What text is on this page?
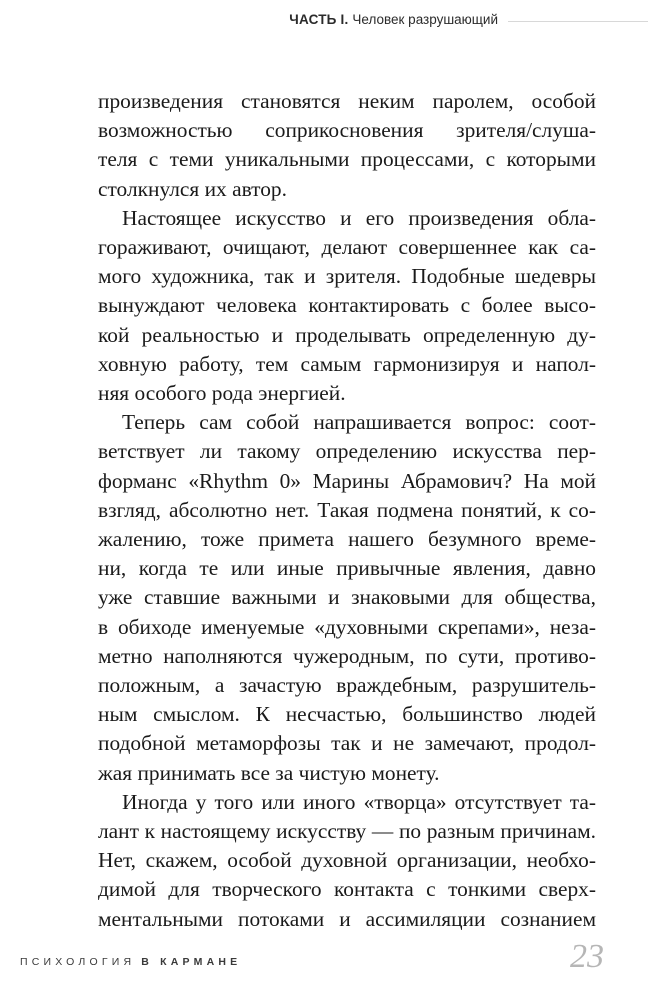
ЧАСТЬ I. Человек разрушающий
произведения становятся неким паролем, особой
возможностью соприкосновения зрителя/слуша-
теля с теми уникальными процессами, с которыми
столкнулся их автор.
Настоящее искусство и его произведения обла-
гораживают, очищают, делают совершеннее как са-
мого художника, так и зрителя. Подобные шедевры
вынуждают человека контактировать с более высо-
кой реальностью и проделывать определенную ду-
ховную работу, тем самым гармонизируя и напол-
няя особого рода энергией.
Теперь сам собой напрашивается вопрос: соот-
ветствует ли такому определению искусства пер-
форманс «Rhythm 0» Марины Абрамович? На мой
взгляд, абсолютно нет. Такая подмена понятий, к со-
жалению, тоже примета нашего безумного време-
ни, когда те или иные привычные явления, давно
уже ставшие важными и знаковыми для общества,
в обиходе именуемые «духовными скрепами», неза-
метно наполняются чужеродным, по сути, противо-
положным, а зачастую враждебным, разрушитель-
ным смыслом. К несчастью, большинство людей
подобной метаморфозы так и не замечают, продол-
жая принимать все за чистую монету.
Иногда у того или иного «творца» отсутствует та-
лант к настоящему искусству — по разным причинам.
Нет, скажем, особой духовной организации, необхо-
димой для творческого контакта с тонкими сверх-
ментальными потоками и ассимиляции сознанием
ПСИХОЛОГИЯ В КАРМАНЕ	23
